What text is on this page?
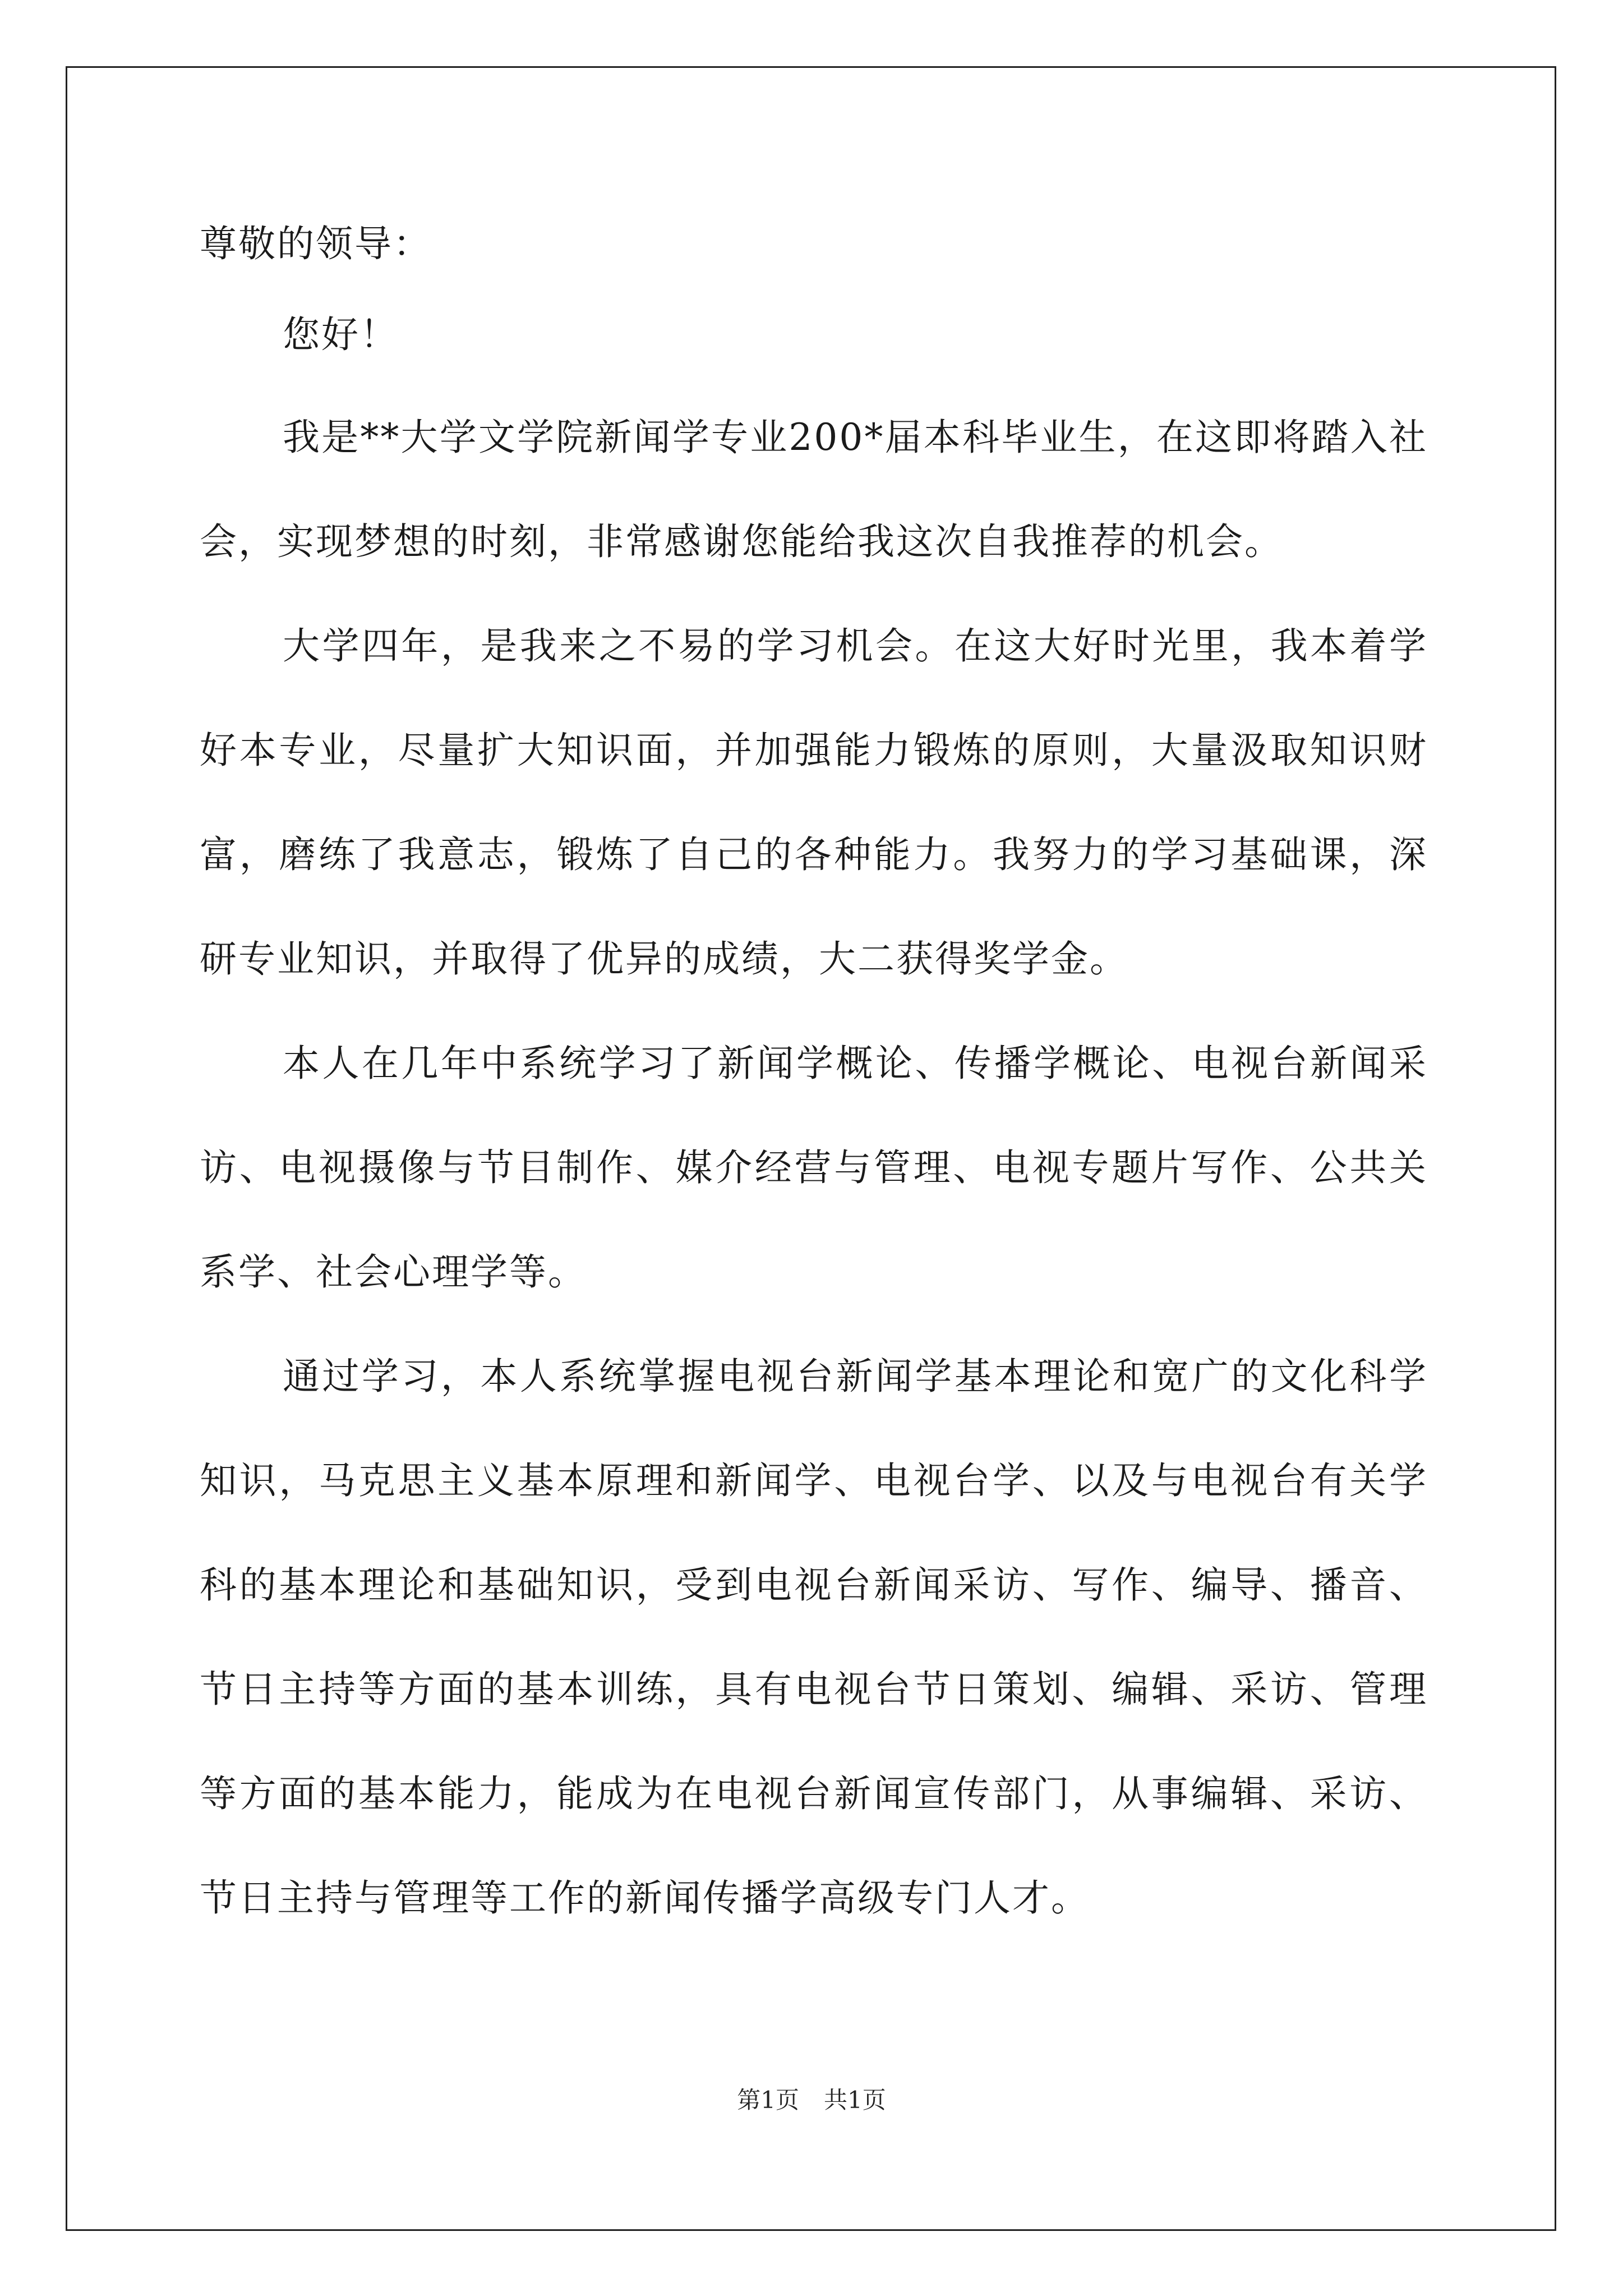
尊敬的领导：

您好！

我是**大学文学院新闻学专业200*届本科毕业生，在这即将踏入社会，实现梦想的时刻，非常感谢您能给我这次自我推荐的机会。

大学四年，是我来之不易的学习机会。在这大好时光里，我本着学好本专业，尽量扩大知识面，并加强能力锻炼的原则，大量汲取知识财富，磨练了我意志，锻炼了自己的各种能力。我努力的学习基础课，深研专业知识，并取得了优异的成绩，大二获得奖学金。

本人在几年中系统学习了新闻学概论、传播学概论、电视台新闻采访、电视摄像与节目制作、媒介经营与管理、电视专题片写作、公共关系学、社会心理学等。

通过学习，本人系统掌握电视台新闻学基本理论和宽广的文化科学知识，马克思主义基本原理和新闻学、电视台学、以及与电视台有关学科的基本理论和基础知识，受到电视台新闻采访、写作、编导、播音、节日主持等方面的基本训练，具有电视台节日策划、编辑、采访、管理等方面的基本能力，能成为在电视台新闻宣传部门，从事编辑、采访、节日主持与管理等工作的新闻传播学高级专门人才。

第1页 共1页
